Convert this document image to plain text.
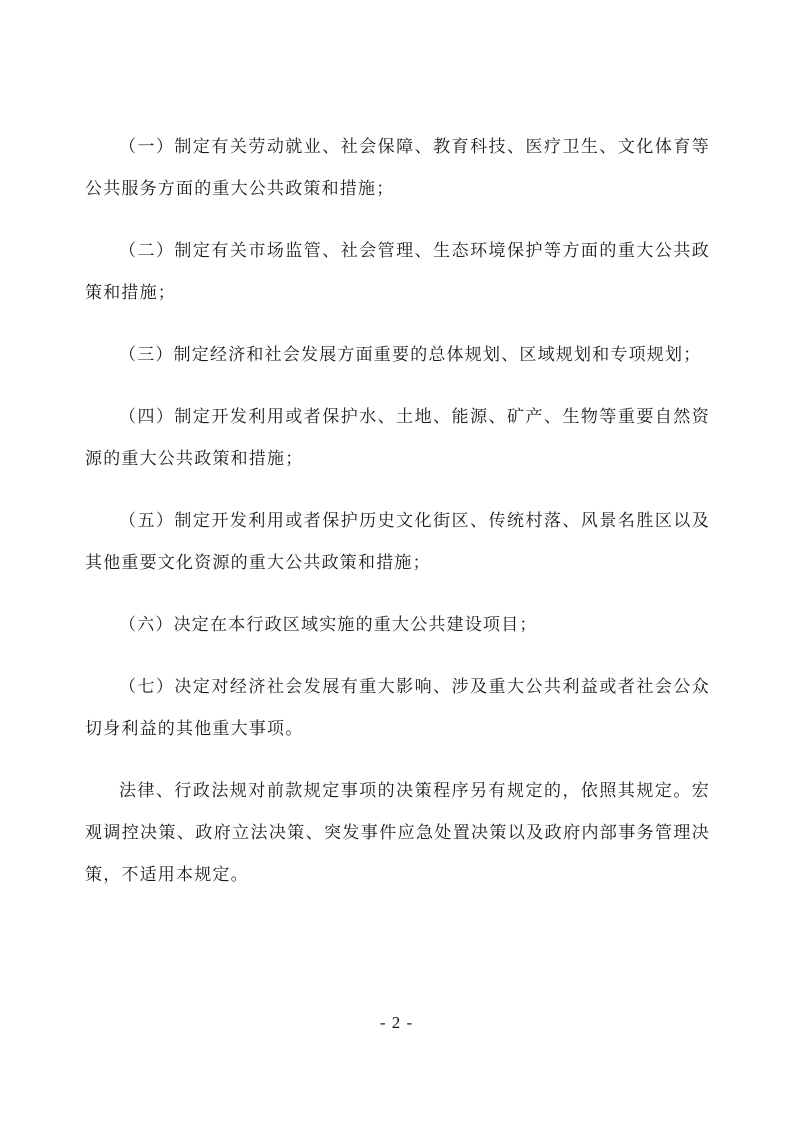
（一）制定有关劳动就业、社会保障、教育科技、医疗卫生、文化体育等公共服务方面的重大公共政策和措施；

（二）制定有关市场监管、社会管理、生态环境保护等方面的重大公共政策和措施；

（三）制定经济和社会发展方面重要的总体规划、区域规划和专项规划；

（四）制定开发利用或者保护水、土地、能源、矿产、生物等重要自然资源的重大公共政策和措施；

（五）制定开发利用或者保护历史文化街区、传统村落、风景名胜区以及其他重要文化资源的重大公共政策和措施；

（六）决定在本行政区域实施的重大公共建设项目；

（七）决定对经济社会发展有重大影响、涉及重大公共利益或者社会公众切身利益的其他重大事项。

法律、行政法规对前款规定事项的决策程序另有规定的，依照其规定。宏观调控决策、政府立法决策、突发事件应急处置决策以及政府内部事务管理决策，不适用本规定。

- 2 -
